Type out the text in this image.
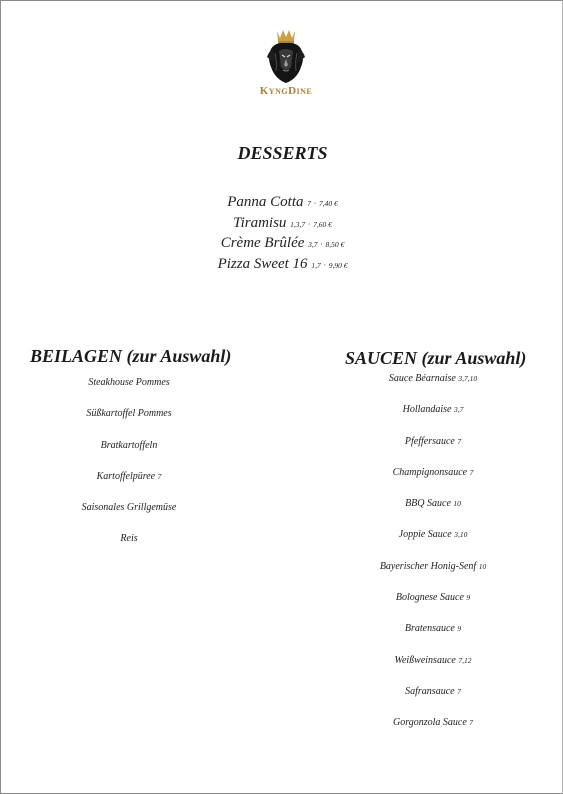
KyngDine
DESSERTS
Panna Cotta 7 · 7,40 €
Tiramisu 1,3,7 · 7,60 €
Crème Brûlée 3,7 · 8,50 €
Pizza Sweet 16 1,7 · 9,90 €
BEILAGEN (zur Auswahl)	SAUCEN (zur Auswahl)
Steakhouse Pommes
Süßkartoffel Pommes
Bratkartoffeln
Kartoffelpüree 7
Saisonales Grillgemüse
Reis
Sauce Béarnaise 3,7,10
Hollandaise 3,7
Pfeffersauce 7
Champignonsauce 7
BBQ Sauce 10
Joppie Sauce 3,10
Bayerischer Honig-Senf 10
Bolognese Sauce 9
Bratensauce 9
Weißweinsauce 7,12
Safransauce 7
Gorgonzola Sauce 7
